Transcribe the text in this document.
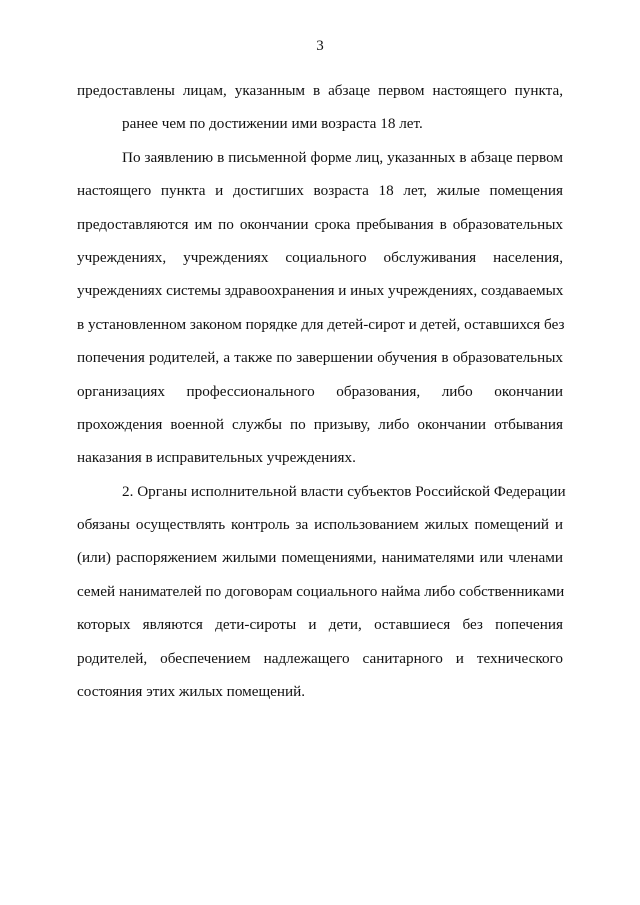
3
предоставлены лицам, указанным в абзаце первом настоящего пункта,
ранее чем по достижении ими возраста 18 лет.
По заявлению в письменной форме лиц, указанных в абзаце первом
настоящего пункта и достигших возраста 18 лет, жилые помещения
предоставляются им по окончании срока пребывания в образовательных
учреждениях, учреждениях социального обслуживания населения,
учреждениях системы здравоохранения и иных учреждениях, создаваемых
в установленном законом порядке для детей-сирот и детей, оставшихся без
попечения родителей, а также по завершении обучения в образовательных
организациях профессионального образования, либо окончании
прохождения военной службы по призыву, либо окончании отбывания
наказания в исправительных учреждениях.
2. Органы исполнительной власти субъектов Российской Федерации
обязаны осуществлять контроль за использованием жилых помещений и
(или) распоряжением жилыми помещениями, нанимателями или членами
семей нанимателей по договорам социального найма либо собственниками
которых являются дети-сироты и дети, оставшиеся без попечения
родителей, обеспечением надлежащего санитарного и технического
состояния этих жилых помещений.
